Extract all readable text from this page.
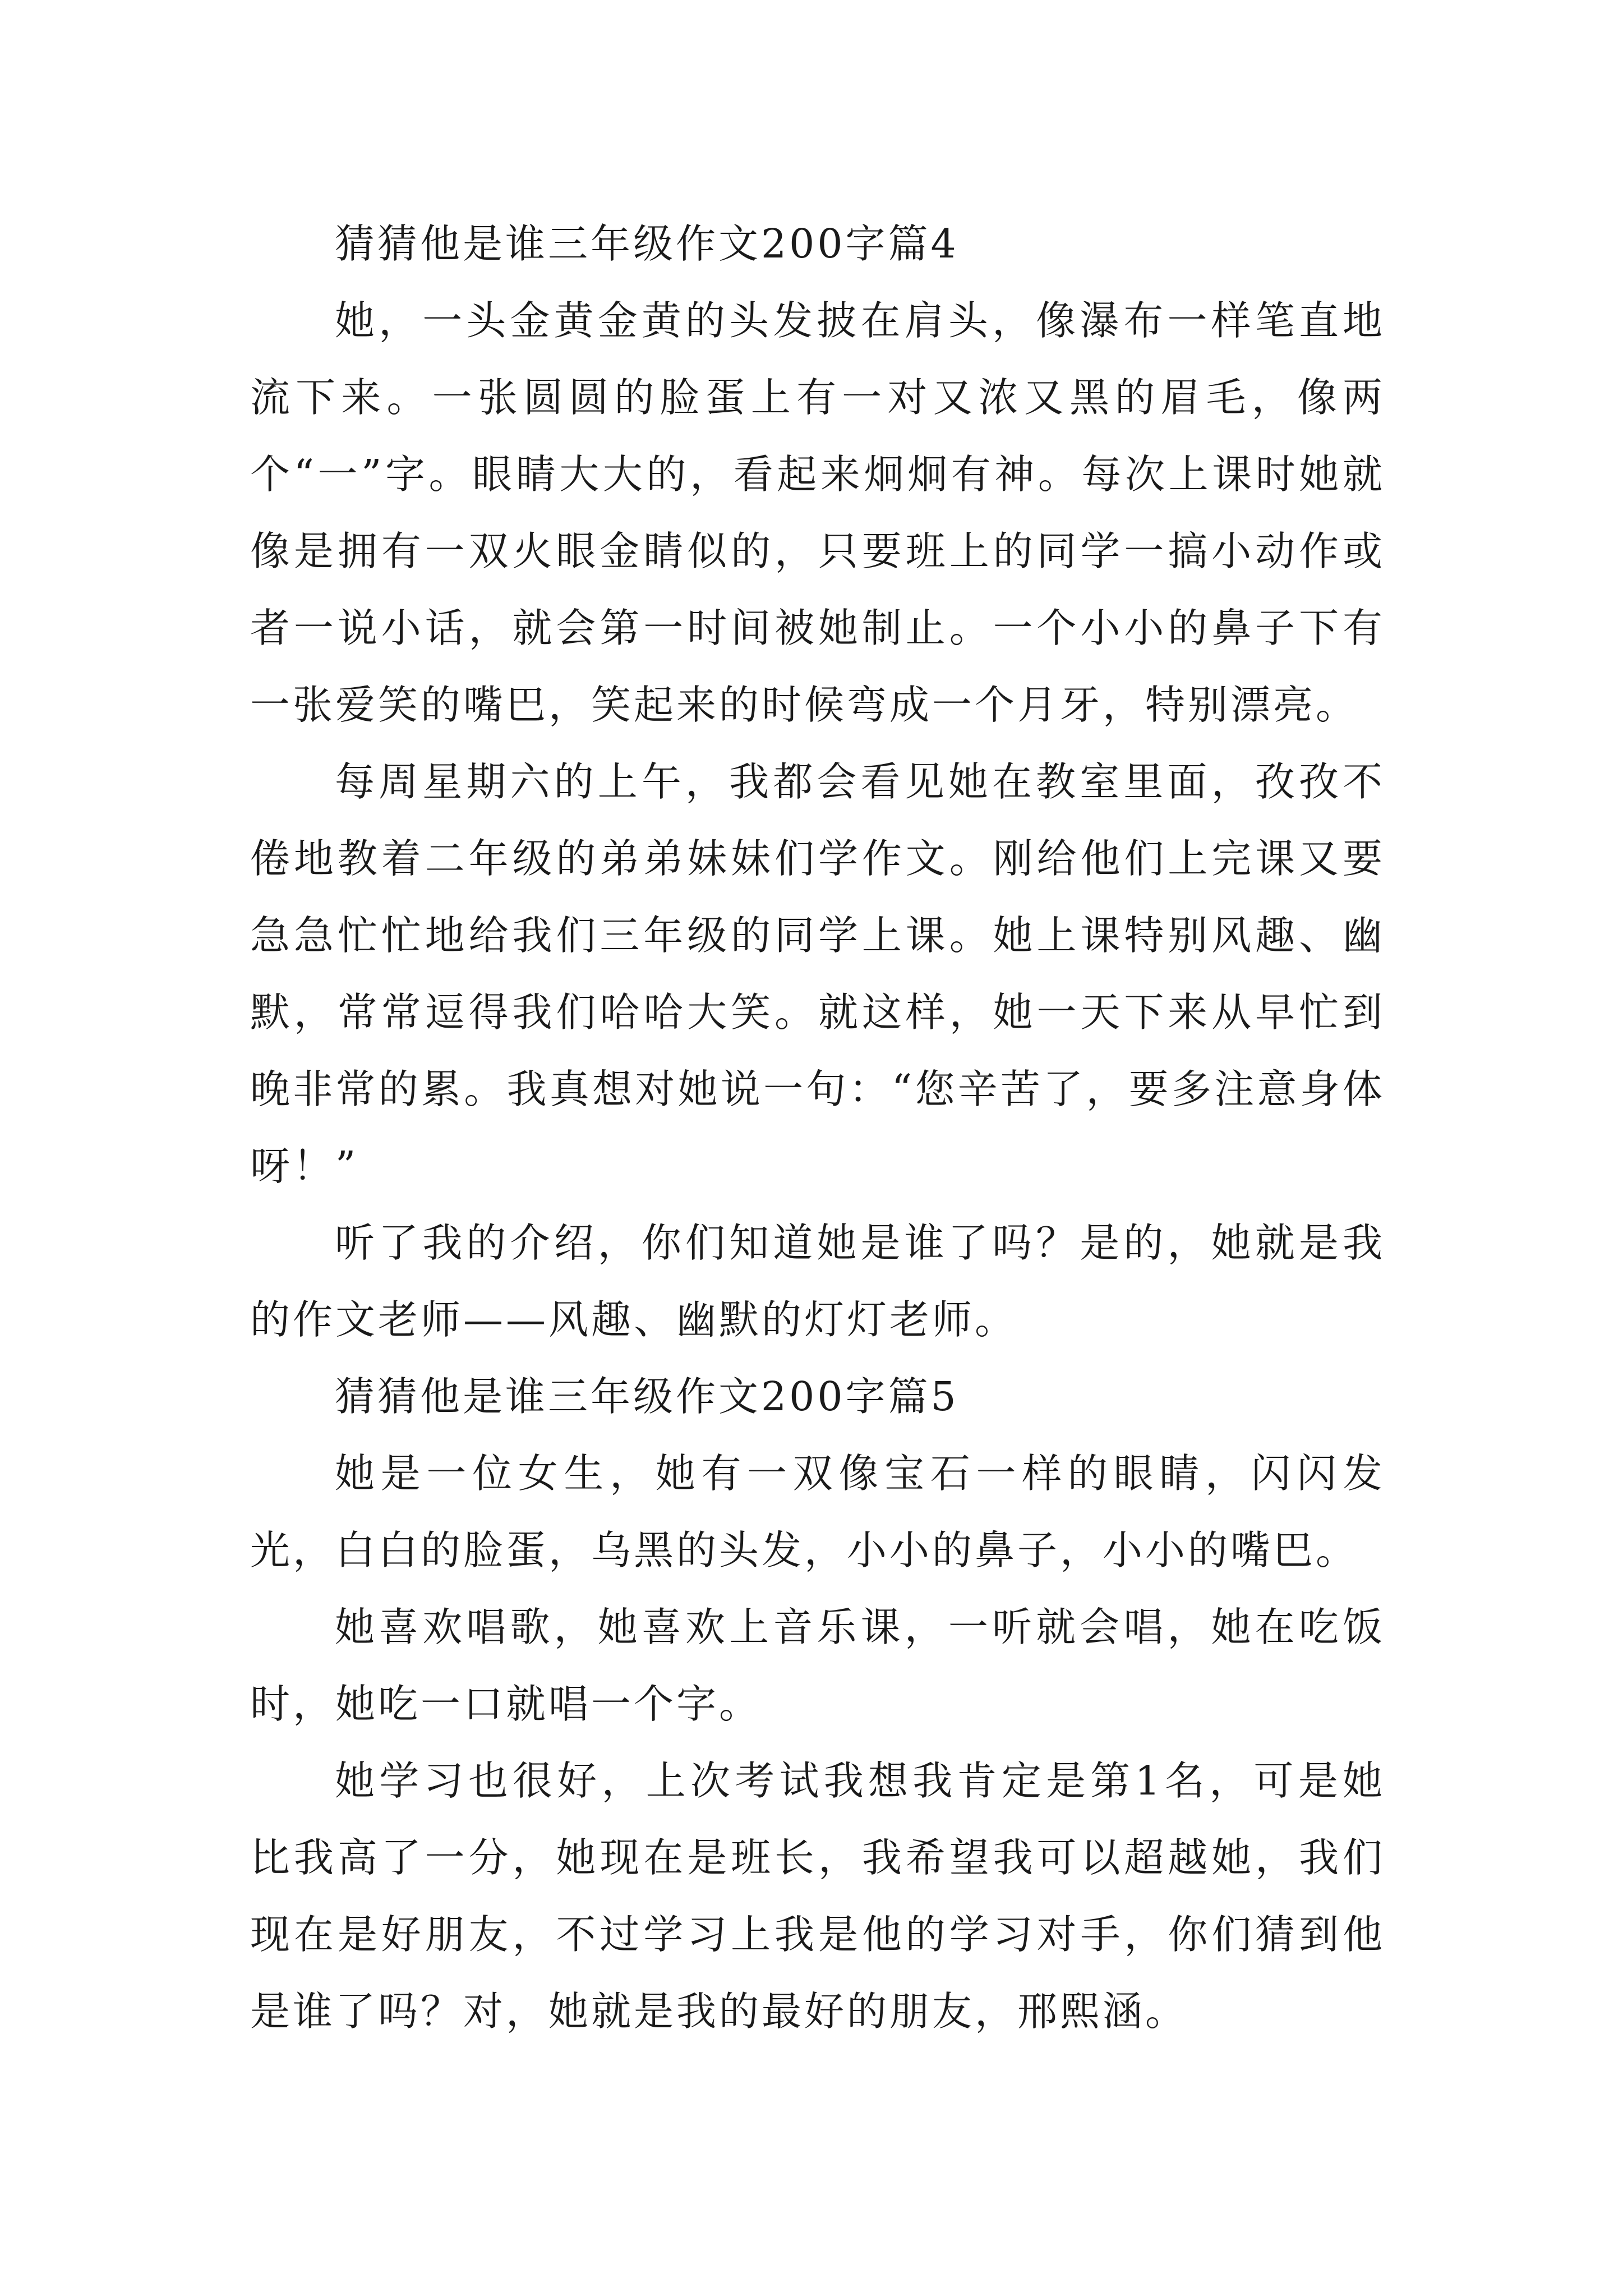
猜猜他是谁三年级作文200字篇4

她，一头金黄金黄的头发披在肩头，像瀑布一样笔直地流下来。一张圆圆的脸蛋上有一对又浓又黑的眉毛，像两个“一”字。眼睛大大的，看起来炯炯有神。每次上课时她就像是拥有一双火眼金睛似的，只要班上的同学一搞小动作或者一说小话，就会第一时间被她制止。一个小小的鼻子下有一张爱笑的嘴巴，笑起来的时候弯成一个月牙，特别漂亮。

每周星期六的上午，我都会看见她在教室里面，孜孜不倦地教着二年级的弟弟妹妹们学作文。刚给他们上完课又要急急忙忙地给我们三年级的同学上课。她上课特别风趣、幽默，常常逗得我们哈哈大笑。就这样，她一天下来从早忙到晚非常的累。我真想对她说一句：“您辛苦了，要多注意身体呀！”

听了我的介绍，你们知道她是谁了吗？是的，她就是我的作文老师——风趣、幽默的灯灯老师。

猜猜他是谁三年级作文200字篇5

她是一位女生，她有一双像宝石一样的眼睛，闪闪发光，白白的脸蛋，乌黑的头发，小小的鼻子，小小的嘴巴。

她喜欢唱歌，她喜欢上音乐课，一听就会唱，她在吃饭时，她吃一口就唱一个字。

她学习也很好，上次考试我想我肯定是第1名，可是她比我高了一分，她现在是班长，我希望我可以超越她，我们现在是好朋友，不过学习上我是他的学习对手，你们猜到他是谁了吗？对，她就是我的最好的朋友，邢熙涵。
